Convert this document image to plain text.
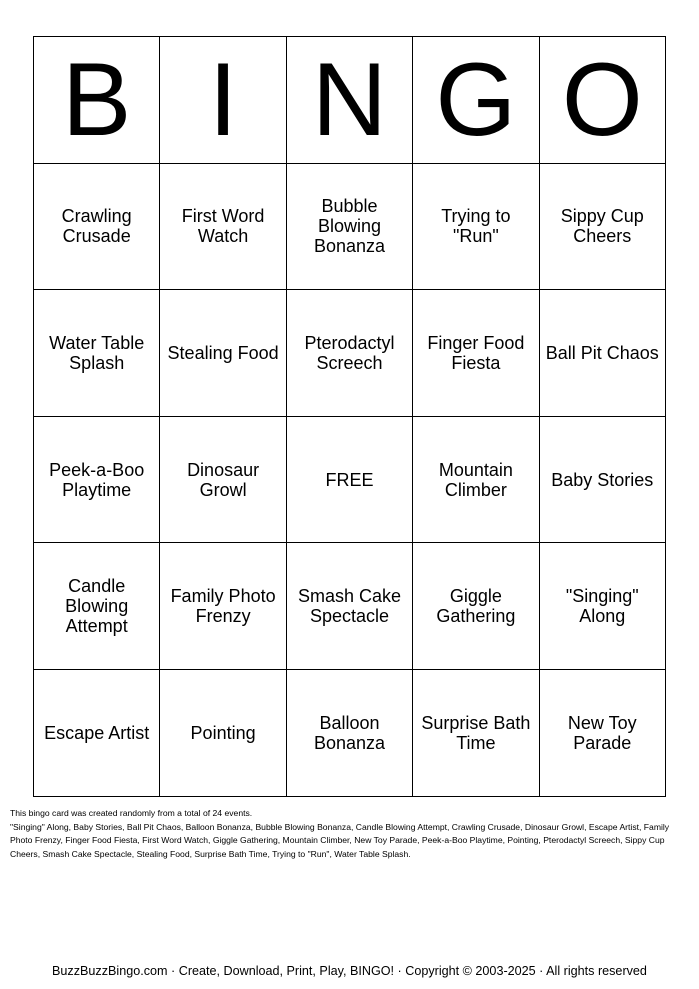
B	I	N	G	O
Crawling Crusade	First Word Watch	Bubble Blowing Bonanza	Trying to "Run"	Sippy Cup Cheers
Water Table Splash	Stealing Food	Pterodactyl Screech	Finger Food Fiesta	Ball Pit Chaos
Peek-a-Boo Playtime	Dinosaur Growl	FREE	Mountain Climber	Baby Stories
Candle Blowing Attempt	Family Photo Frenzy	Smash Cake Spectacle	Giggle Gathering	"Singing" Along
Escape Artist	Pointing	Balloon Bonanza	Surprise Bath Time	New Toy Parade

This bingo card was created randomly from a total of 24 events.

"Singing" Along, Baby Stories, Ball Pit Chaos, Balloon Bonanza, Bubble Blowing Bonanza, Candle Blowing Attempt, Crawling Crusade, Dinosaur Growl, Escape Artist, Family Photo Frenzy, Finger Food Fiesta, First Word Watch, Giggle Gathering, Mountain Climber, New Toy Parade, Peek-a-Boo Playtime, Pointing, Pterodactyl Screech, Sippy Cup Cheers, Smash Cake Spectacle, Stealing Food, Surprise Bath Time, Trying to "Run", Water Table Splash.

BuzzBuzzBingo.com · Create, Download, Print, Play, BINGO! · Copyright © 2003-2025 · All rights reserved
